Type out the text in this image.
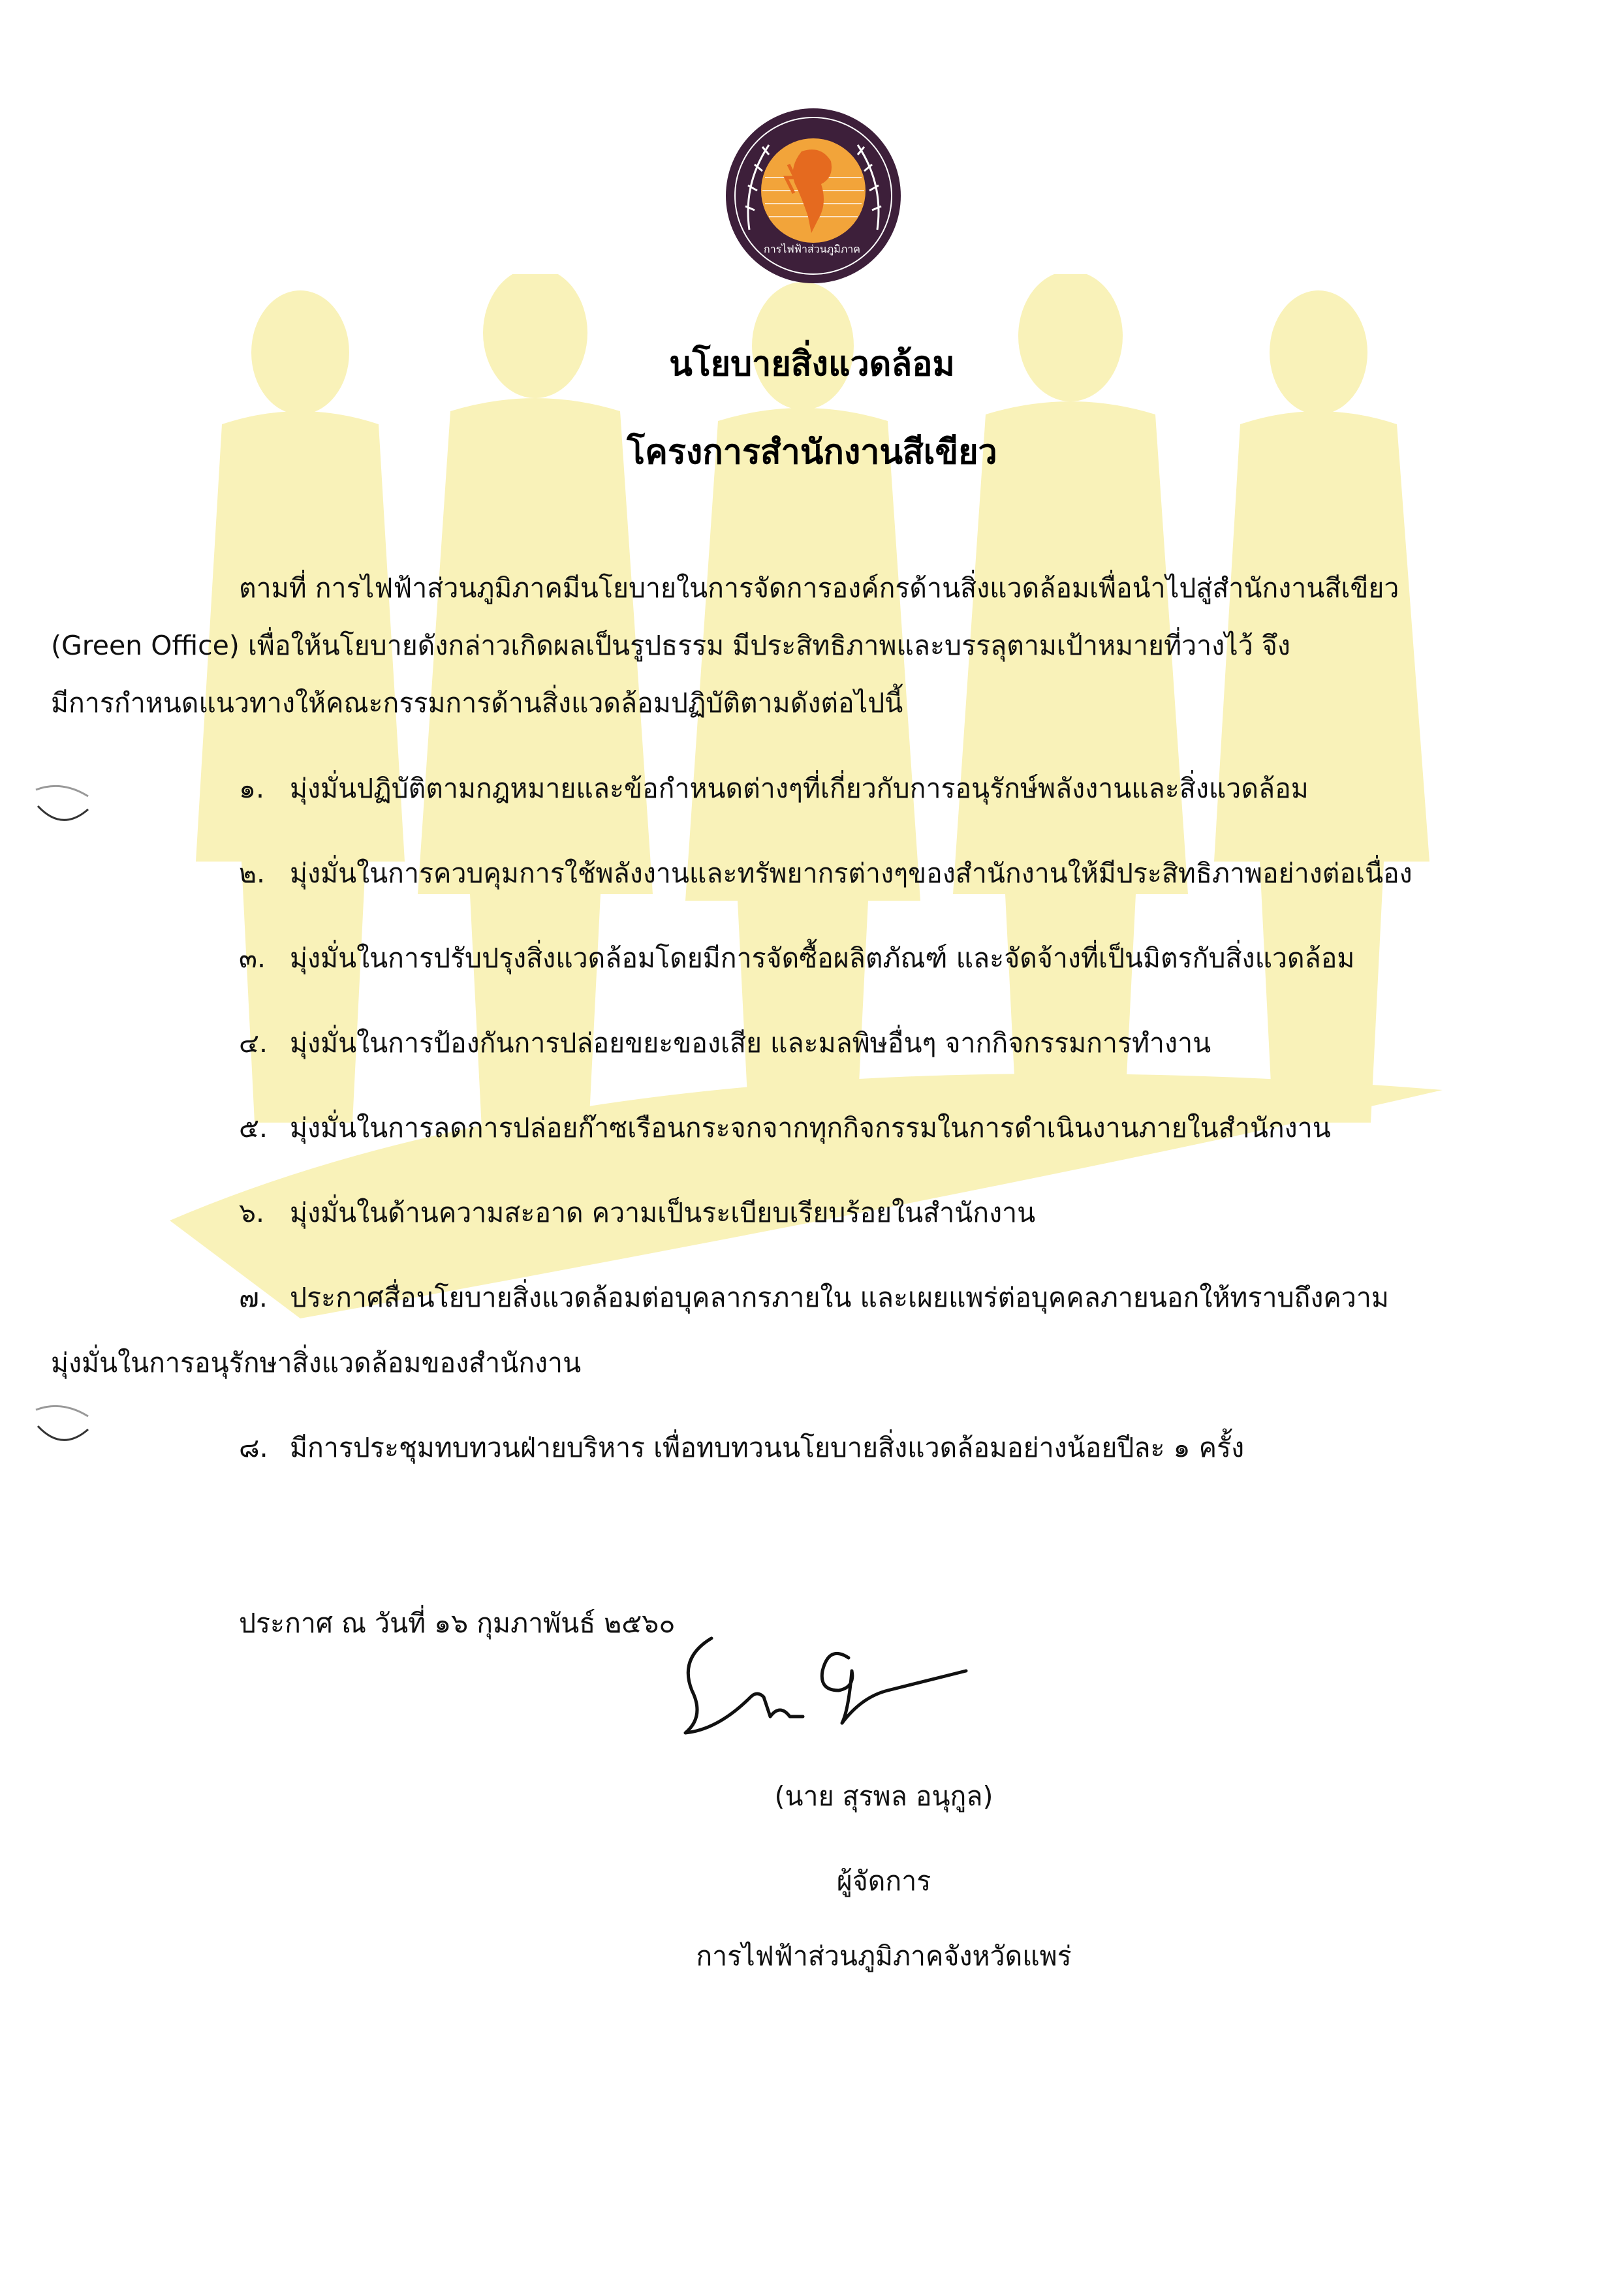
การไฟฟ้าส่วนภูมิภาค
นโยบายสิ่งแวดล้อม
โครงการสำนักงานสีเขียว
ตามที่ การไฟฟ้าส่วนภูมิภาคมีนโยบายในการจัดการองค์กรด้านสิ่งแวดล้อมเพื่อนำไปสู่สำนักงานสีเขียว
(Green Office) เพื่อให้นโยบายดังกล่าวเกิดผลเป็นรูปธรรม มีประสิทธิภาพและบรรลุตามเป้าหมายที่วางไว้ จึง
มีการกำหนดแนวทางให้คณะกรรมการด้านสิ่งแวดล้อมปฏิบัติตามดังต่อไปนี้
๑. มุ่งมั่นปฏิบัติตามกฎหมายและข้อกำหนดต่างๆที่เกี่ยวกับการอนุรักษ์พลังงานและสิ่งแวดล้อม
๒. มุ่งมั่นในการควบคุมการใช้พลังงานและทรัพยากรต่างๆของสำนักงานให้มีประสิทธิภาพอย่างต่อเนื่อง
๓. มุ่งมั่นในการปรับปรุงสิ่งแวดล้อมโดยมีการจัดซื้อผลิตภัณฑ์ และจัดจ้างที่เป็นมิตรกับสิ่งแวดล้อม
๔. มุ่งมั่นในการป้องกันการปล่อยขยะของเสีย และมลพิษอื่นๆ จากกิจกรรมการทำงาน
๕. มุ่งมั่นในการลดการปล่อยก๊าซเรือนกระจกจากทุกกิจกรรมในการดำเนินงานภายในสำนักงาน
๖. มุ่งมั่นในด้านความสะอาด ความเป็นระเบียบเรียบร้อยในสำนักงาน
๗. ประกาศสื่อนโยบายสิ่งแวดล้อมต่อบุคลากรภายใน และเผยแพร่ต่อบุคคลภายนอกให้ทราบถึงความ
มุ่งมั่นในการอนุรักษาสิ่งแวดล้อมของสำนักงาน
๘. มีการประชุมทบทวนฝ่ายบริหาร เพื่อทบทวนนโยบายสิ่งแวดล้อมอย่างน้อยปีละ ๑ ครั้ง
ประกาศ ณ วันที่ ๑๖ กุมภาพันธ์ ๒๕๖๐
(นาย สุรพล อนุกูล)
ผู้จัดการ
การไฟฟ้าส่วนภูมิภาคจังหวัดแพร่
